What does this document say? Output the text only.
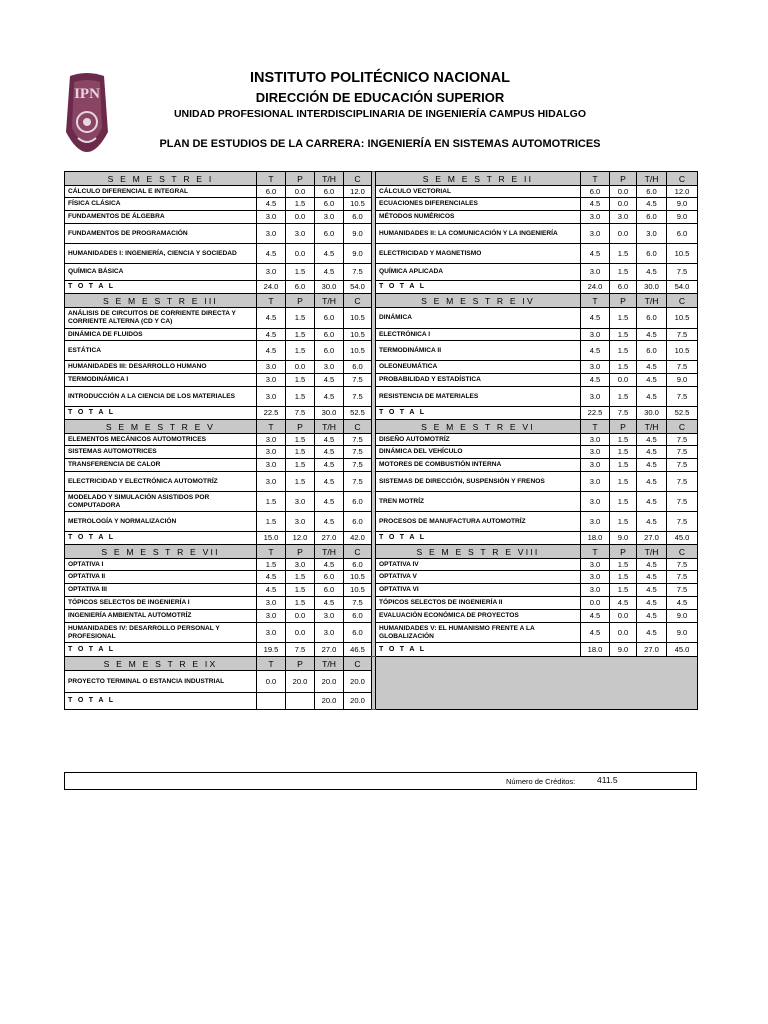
IPN
INSTITUTO POLITÉCNICO NACIONAL
DIRECCIÓN DE EDUCACIÓN SUPERIOR
UNIDAD PROFESIONAL INTERDISCIPLINARIA DE INGENIERÍA CAMPUS HIDALGO
PLAN DE ESTUDIOS DE LA CARRERA: INGENIERÍA EN SISTEMAS AUTOMOTRICES
S E M E S T R E I	T	P	T/H	C		S E M E S T R E II	T	P	T/H	C
CÁLCULO DIFERENCIAL E INTEGRAL	6.0	0.0	6.0	12.0		CÁLCULO VECTORIAL	6.0	0.0	6.0	12.0
FÍSICA CLÁSICA	4.5	1.5	6.0	10.5		ECUACIONES DIFERENCIALES	4.5	0.0	4.5	9.0
FUNDAMENTOS DE ÁLGEBRA	3.0	0.0	3.0	6.0		MÉTODOS NUMÉRICOS	3.0	3.0	6.0	9.0
FUNDAMENTOS DE PROGRAMACIÓN	3.0	3.0	6.0	9.0		HUMANIDADES II: LA COMUNICACIÓN Y LA INGENIERÍA	3.0	0.0	3.0	6.0
HUMANIDADES I: INGENIERÍA, CIENCIA Y SOCIEDAD	4.5	0.0	4.5	9.0		ELECTRICIDAD Y MAGNETISMO	4.5	1.5	6.0	10.5
QUÍMICA BÁSICA	3.0	1.5	4.5	7.5		QUÍMICA APLICADA	3.0	1.5	4.5	7.5
T O T A L	24.0	6.0	30.0	54.0		T O T A L	24.0	6.0	30.0	54.0
S E M E S T R E III	T	P	T/H	C		S E M E S T R E IV	T	P	T/H	C
ANÁLISIS DE CIRCUITOS DE CORRIENTE DIRECTA Y CORRIENTE ALTERNA (CD Y CA)	4.5	1.5	6.0	10.5		DINÁMICA	4.5	1.5	6.0	10.5
DINÁMICA DE FLUIDOS	4.5	1.5	6.0	10.5		ELECTRÓNICA I	3.0	1.5	4.5	7.5
ESTÁTICA	4.5	1.5	6.0	10.5		TERMODINÁMICA II	4.5	1.5	6.0	10.5
HUMANIDADES III: DESARROLLO HUMANO	3.0	0.0	3.0	6.0		OLEONEUMÁTICA	3.0	1.5	4.5	7.5
TERMODINÁMICA I	3.0	1.5	4.5	7.5		PROBABILIDAD Y ESTADÍSTICA	4.5	0.0	4.5	9.0
INTRODUCCIÓN A LA CIENCIA DE LOS MATERIALES	3.0	1.5	4.5	7.5		RESISTENCIA DE MATERIALES	3.0	1.5	4.5	7.5
T O T A L	22.5	7.5	30.0	52.5		T O T A L	22.5	7.5	30.0	52.5
S E M E S T R E V	T	P	T/H	C		S E M E S T R E VI	T	P	T/H	C
ELEMENTOS MECÁNICOS AUTOMOTRICES	3.0	1.5	4.5	7.5		DISEÑO AUTOMOTRÍZ	3.0	1.5	4.5	7.5
SISTEMAS AUTOMOTRICES	3.0	1.5	4.5	7.5		DINÁMICA DEL VEHÍCULO	3.0	1.5	4.5	7.5
TRANSFERENCIA DE CALOR	3.0	1.5	4.5	7.5		MOTORES DE COMBUSTIÓN INTERNA	3.0	1.5	4.5	7.5
ELECTRICIDAD Y ELECTRÓNICA AUTOMOTRÍZ	3.0	1.5	4.5	7.5		SISTEMAS DE DIRECCIÓN, SUSPENSIÓN Y FRENOS	3.0	1.5	4.5	7.5
MODELADO Y SIMULACIÓN ASISTIDOS POR COMPUTADORA	1.5	3.0	4.5	6.0		TREN MOTRÍZ	3.0	1.5	4.5	7.5
METROLOGÍA Y NORMALIZACIÓN	1.5	3.0	4.5	6.0		PROCESOS DE MANUFACTURA AUTOMOTRÍZ	3.0	1.5	4.5	7.5
T O T A L	15.0	12.0	27.0	42.0		T O T A L	18.0	9.0	27.0	45.0
S E M E S T R E VII	T	P	T/H	C		S E M E S T R E VIII	T	P	T/H	C
OPTATIVA I	1.5	3.0	4.5	6.0		OPTATIVA IV	3.0	1.5	4.5	7.5
OPTATIVA II	4.5	1.5	6.0	10.5		OPTATIVA V	3.0	1.5	4.5	7.5
OPTATIVA III	4.5	1.5	6.0	10.5		OPTATIVA VI	3.0	1.5	4.5	7.5
TÓPICOS SELECTOS DE INGENIERÍA I	3.0	1.5	4.5	7.5		TÓPICOS SELECTOS DE INGENIERÍA II	0.0	4.5	4.5	4.5
INGENIERÍA AMBIENTAL AUTOMOTRÍZ	3.0	0.0	3.0	6.0		EVALUACIÓN ECONÓMICA DE PROYECTOS	4.5	0.0	4.5	9.0
HUMANIDADES IV: DESARROLLO PERSONAL Y PROFESIONAL	3.0	0.0	3.0	6.0		HUMANIDADES V: EL HUMANISMO FRENTE A LA GLOBALIZACIÓN	4.5	0.0	4.5	9.0
T O T A L	19.5	7.5	27.0	46.5		T O T A L	18.0	9.0	27.0	45.0
S E M E S T R E IX	T	P	T/H	C						
PROYECTO TERMINAL O ESTANCIA INDUSTRIAL	0.0	20.0	20.0	20.0						
T O T A L			20.0	20.0						
Número de Créditos:	411.5
